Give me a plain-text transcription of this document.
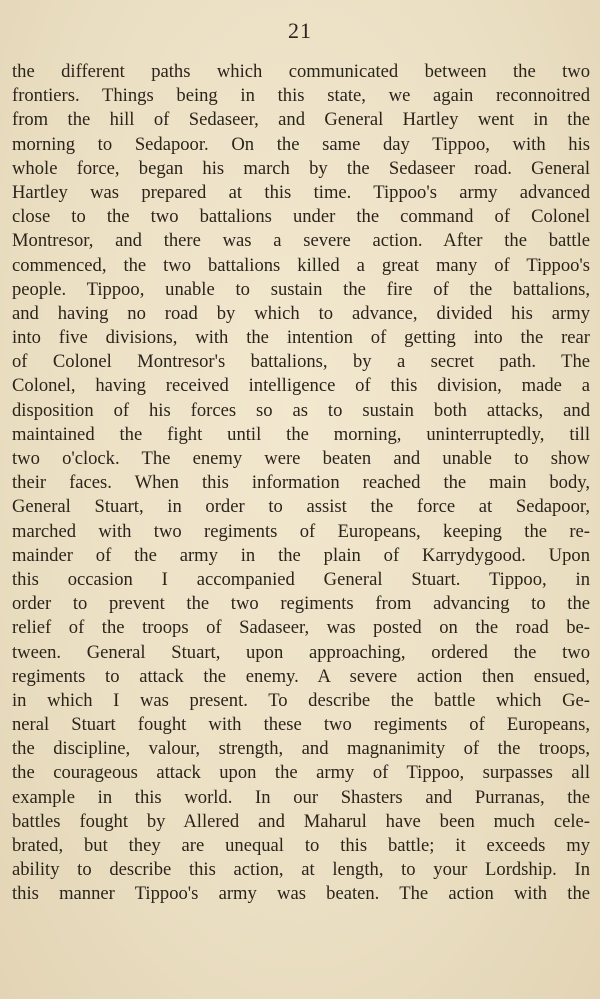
21
the different paths which communicated between the two
frontiers. Things being in this state, we again reconnoitred
from the hill of Sedaseer, and General Hartley went in the
morning to Sedapoor. On the same day Tippoo, with his
whole force, began his march by the Sedaseer road. General
Hartley was prepared at this time. Tippoo's army advanced
close to the two battalions under the command of Colonel
Montresor, and there was a severe action. After the battle
commenced, the two battalions killed a great many of Tippoo's
people. Tippoo, unable to sustain the fire of the battalions,
and having no road by which to advance, divided his army
into five divisions, with the intention of getting into the rear
of Colonel Montresor's battalions, by a secret path. The
Colonel, having received intelligence of this division, made a
disposition of his forces so as to sustain both attacks, and
maintained the fight until the morning, uninterruptedly, till
two o'clock. The enemy were beaten and unable to show
their faces. When this information reached the main body,
General Stuart, in order to assist the force at Sedapoor,
marched with two regiments of Europeans, keeping the re-
mainder of the army in the plain of Karrydygood. Upon
this occasion I accompanied General Stuart. Tippoo, in
order to prevent the two regiments from advancing to the
relief of the troops of Sadaseer, was posted on the road be-
tween. General Stuart, upon approaching, ordered the two
regiments to attack the enemy. A severe action then ensued,
in which I was present. To describe the battle which Ge-
neral Stuart fought with these two regiments of Europeans,
the discipline, valour, strength, and magnanimity of the troops,
the courageous attack upon the army of Tippoo, surpasses all
example in this world. In our Shasters and Purranas, the
battles fought by Allered and Maharul have been much cele-
brated, but they are unequal to this battle; it exceeds my
ability to describe this action, at length, to your Lordship. In
this manner Tippoo's army was beaten. The action with the
